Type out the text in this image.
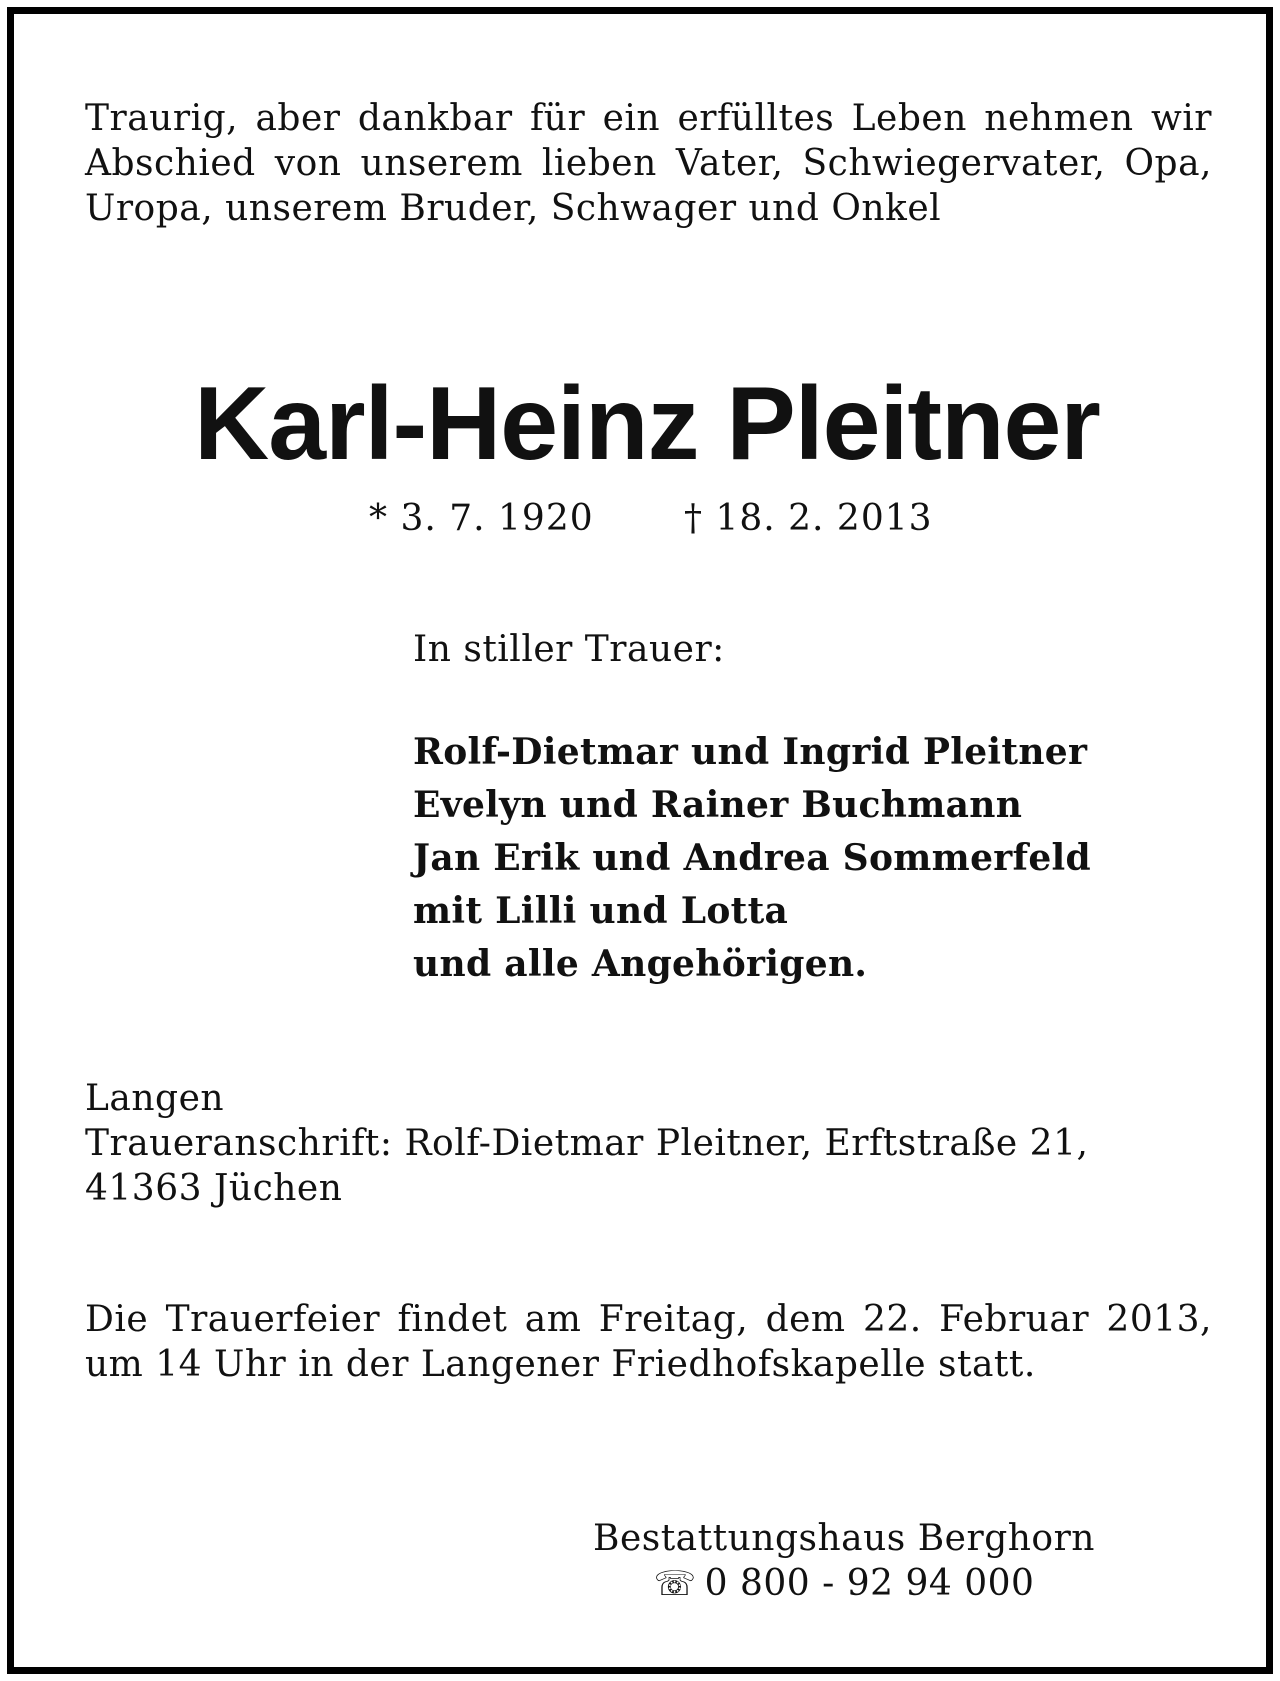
Traurig, aber dankbar für ein erfülltes Leben nehmen wir Abschied von unserem lieben Vater, Schwiegervater, Opa, Uropa, unserem Bruder, Schwager und Onkel

Karl-Heinz Pleitner
* 3. 7. 1920	† 18. 2. 2013

In stiller Trauer:

Rolf-Dietmar und Ingrid Pleitner
Evelyn und Rainer Buchmann
Jan Erik und Andrea Sommerfeld
mit Lilli und Lotta
und alle Angehörigen.
Langen
Traueranschrift: Rolf-Dietmar Pleitner, Erftstraße 21,
41363 Jüchen

Die Trauerfeier findet am Freitag, dem 22. Februar 2013, um 14 Uhr in der Langener Friedhofskapelle statt.

Bestattungshaus Berghorn
☏ 0 800 - 92 94 000
